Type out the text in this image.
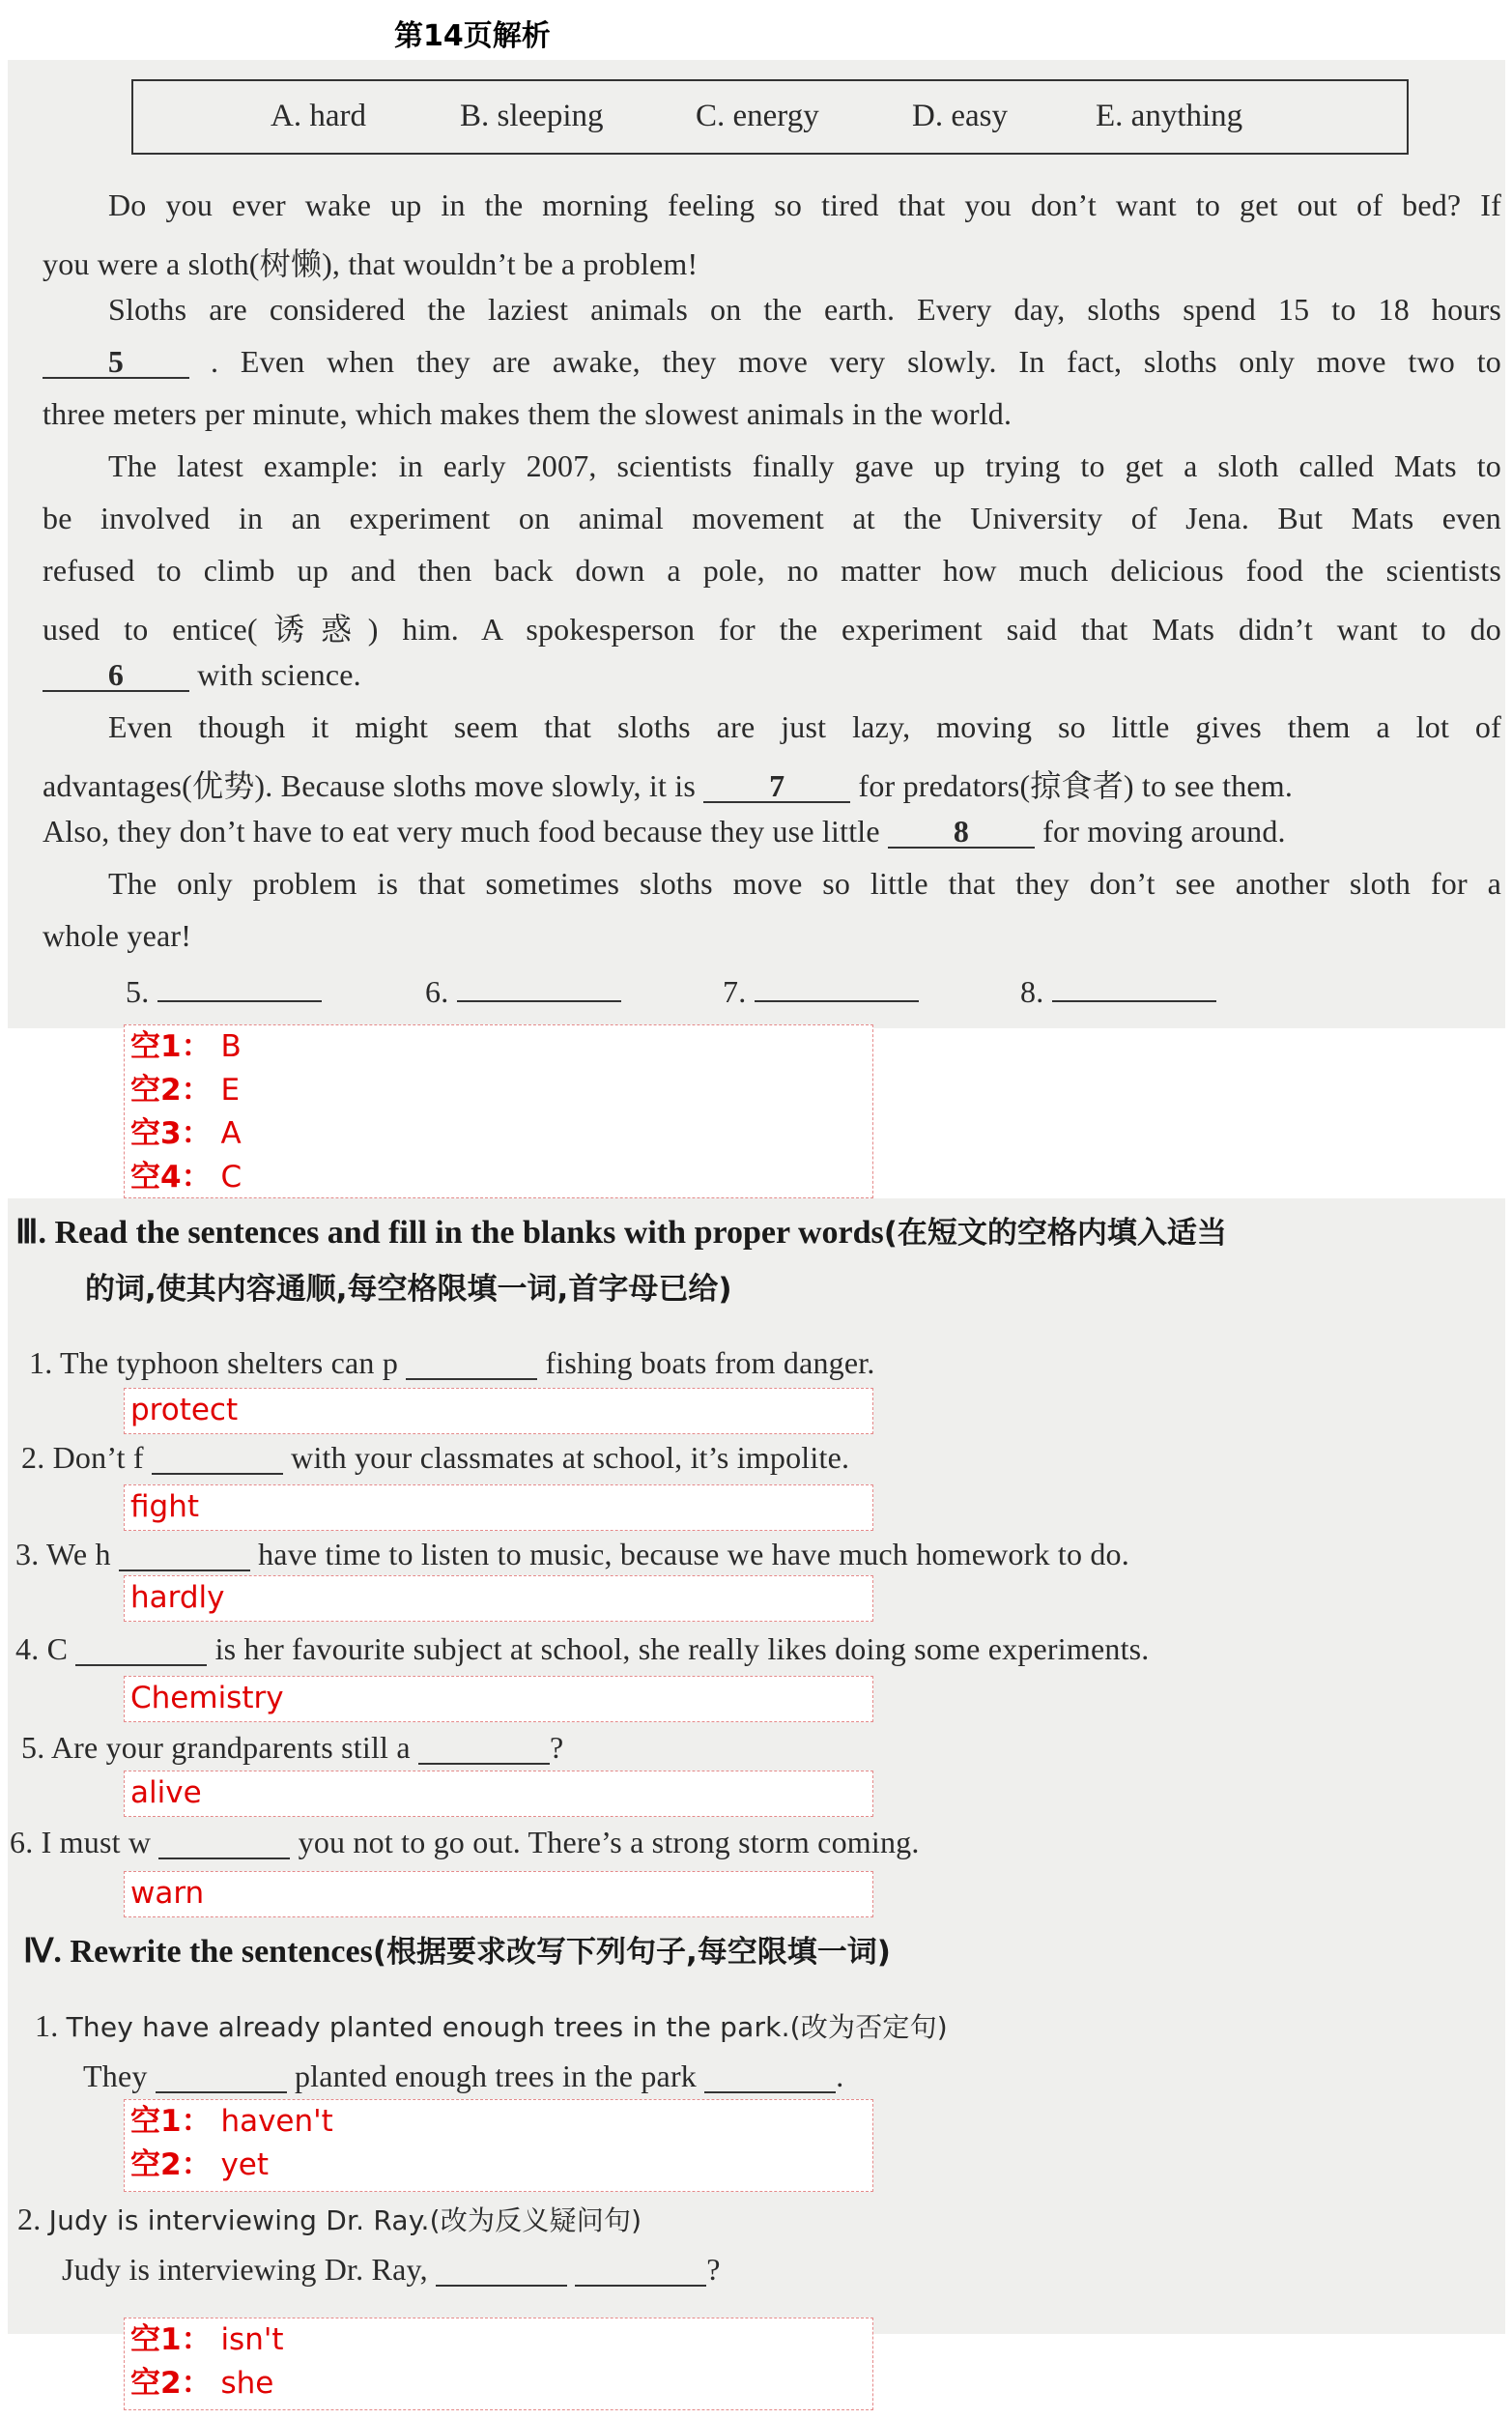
第14页解析
A. hard	B. sleeping	C. energy	D. easy	E. anything
Do you ever wake up in the morning feeling so tired that you don’t want to get out of bed? If
you were a sloth(树懒), that wouldn’t be a problem!
Sloths are considered the laziest animals on the earth. Every day, sloths spend 15 to 18 hours
5	. Even when they are awake, they move very slowly. In fact, sloths only move two to
three meters per minute, which makes them the slowest animals in the world.
The latest example: in early 2007, scientists finally gave up trying to get a sloth called Mats to
be involved in an experiment on animal movement at the University of Jena. But Mats even
refused to climb up and then back down a pole, no matter how much delicious food the scientists
used to entice(诱惑) him. A spokesperson for the experiment said that Mats didn’t want to do
6 with science.
Even though it might seem that sloths are just lazy, moving so little gives them a lot of
advantages(优势). Because sloths move slowly, it is 7 for predators(掠食者) to see them.
Also, they don’t have to eat very much food because they use little 8 for moving around.
The only problem is that sometimes sloths move so little that they don’t see another sloth for a
whole year!
5.	6.	7.	8.
空1： B
空2： E
空3： A
空4： C
Ⅲ. Read the sentences and fill in the blanks with proper words(在短文的空格内填入适当
的词,使其内容通顺,每空格限填一词,首字母已给)
1. The typhoon shelters can p	fishing boats from danger.
protect
2. Don’t f	with your classmates at school, it’s impolite.
fight
3. We h	have time to listen to music, because we have much homework to do.
hardly
4. C	is her favourite subject at school, she really likes doing some experiments.
Chemistry
5. Are your grandparents still a	?
alive
6. I must w	you not to go out. There’s a strong storm coming.
warn
Ⅳ. Rewrite the sentences(根据要求改写下列句子,每空限填一词)
1. They have already planted enough trees in the park.(改为否定句)
They	planted enough trees in the park	.
空1： haven't
空2： yet
2. Judy is interviewing Dr. Ray.(改为反义疑问句)
Judy is interviewing Dr. Ray,	?
空1： isn't
空2： she
